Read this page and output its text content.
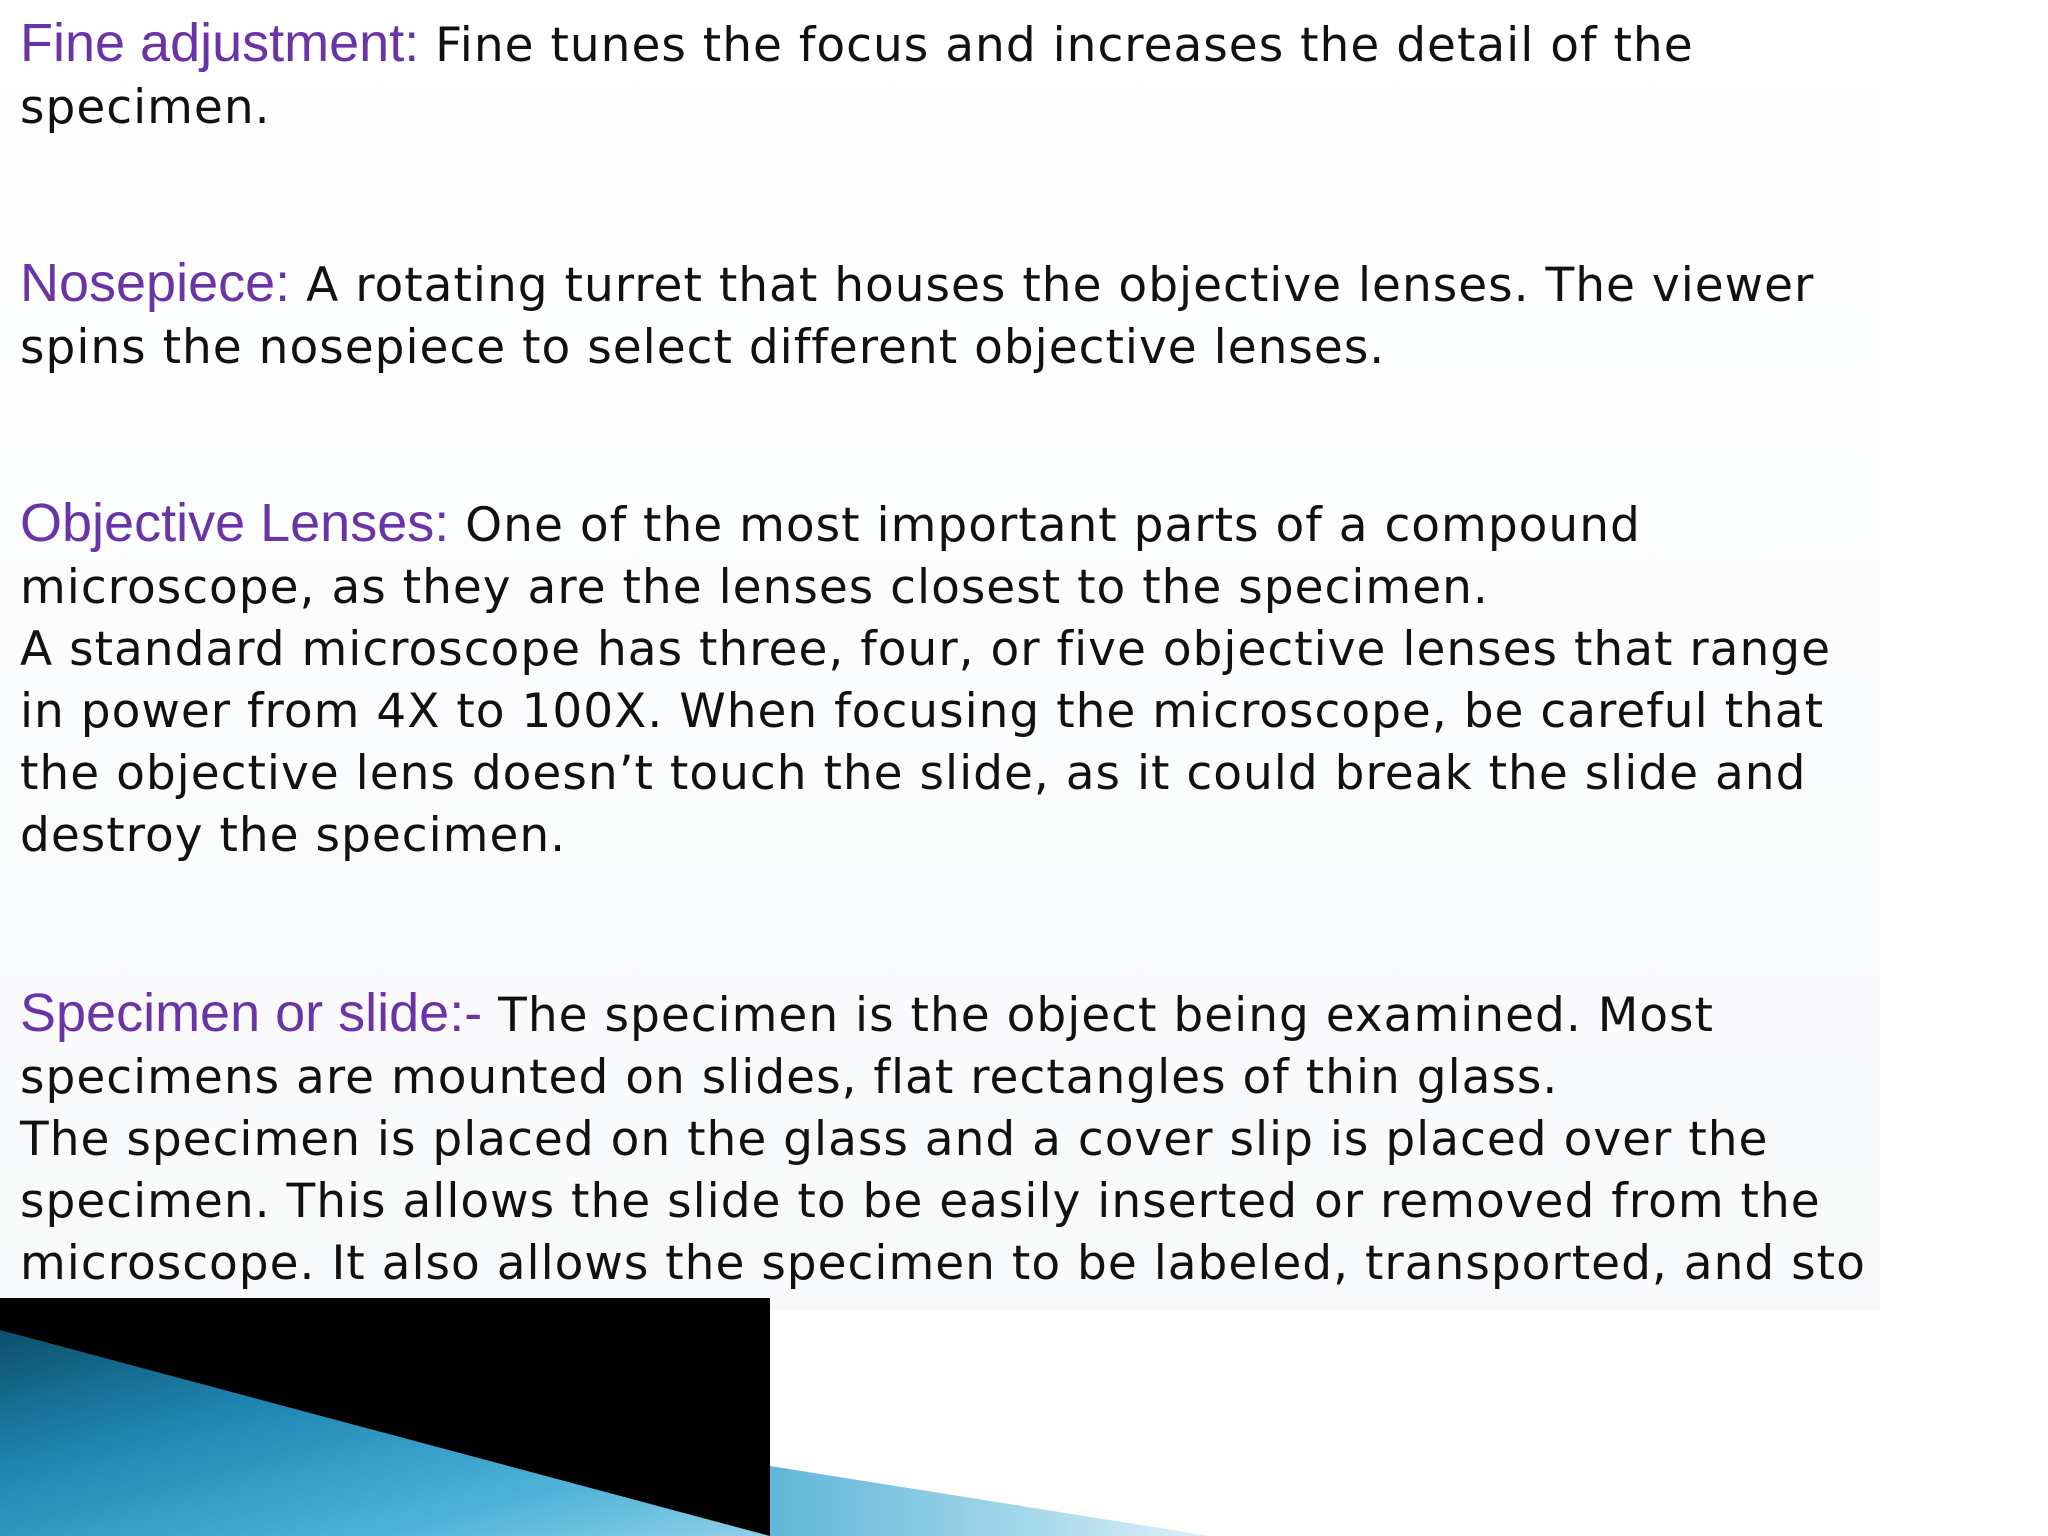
Fine adjustment: Fine tunes the focus and increases the detail of the specimen.

Nosepiece: A rotating turret that houses the objective lenses. The viewer spins the nosepiece to select different objective lenses.

Objective Lenses: One of the most important parts of a compound microscope, as they are the lenses closest to the specimen.
A standard microscope has three, four, or five objective lenses that range in power from 4X to 100X. When focusing the microscope, be careful that the objective lens doesn’t touch the slide, as it could break the slide and destroy the specimen.

Specimen or slide:- The specimen is the object being examined. Most specimens are mounted on slides, flat rectangles of thin glass.
The specimen is placed on the glass and a cover slip is placed over the specimen. This allows the slide to be easily inserted or removed from the microscope. It also allows the specimen to be labeled, transported, and sto
